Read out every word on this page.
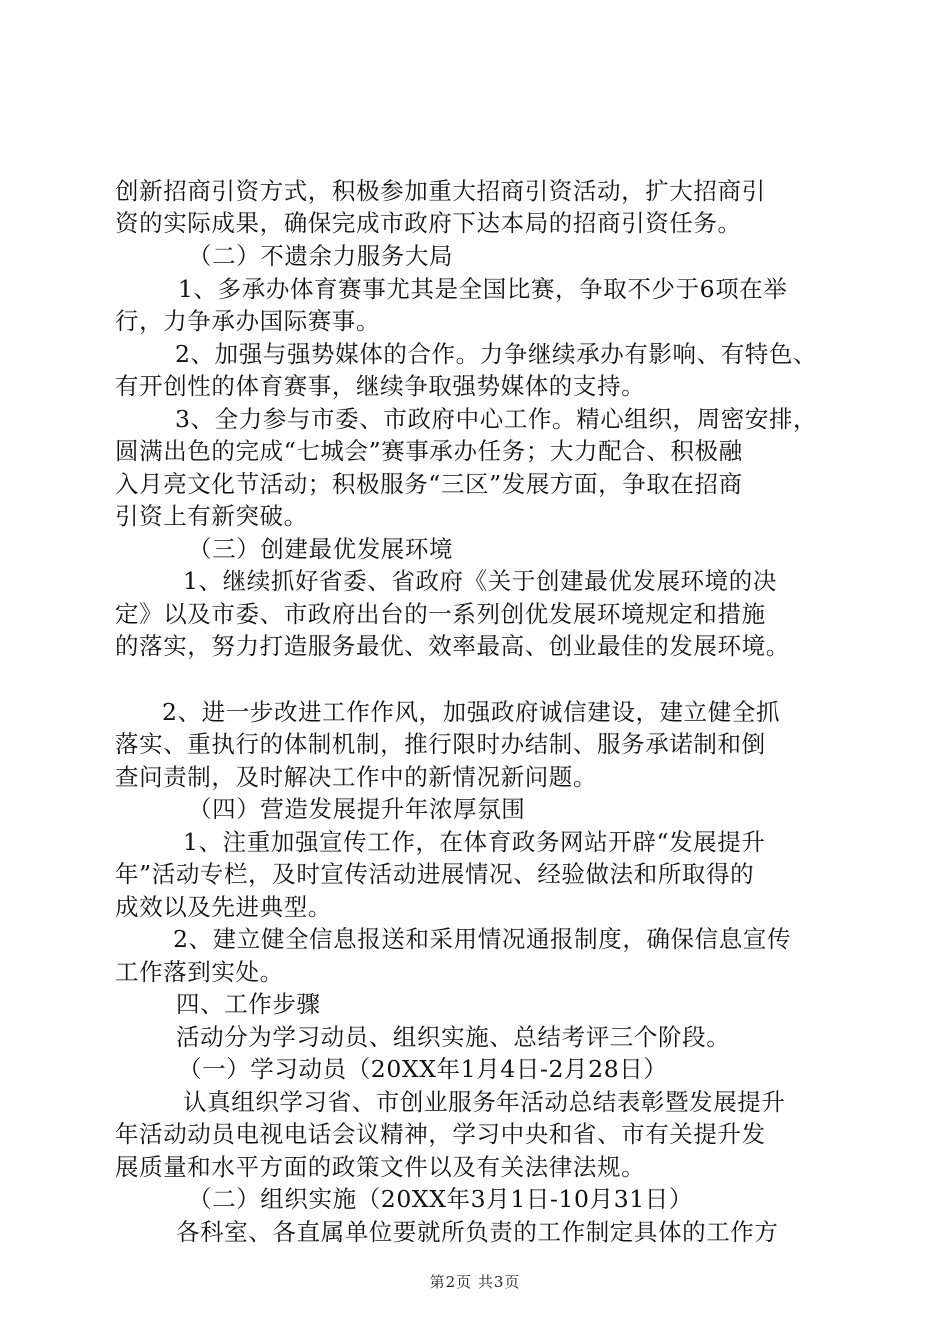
创新招商引资方式，积极参加重大招商引资活动，扩大招商引
资的实际成果，确保完成市政府下达本局的招商引资任务。
（二）不遗余力服务大局
1、多承办体育赛事尤其是全国比赛，争取不少于6项在举
行，力争承办国际赛事。
2、加强与强势媒体的合作。力争继续承办有影响、有特色、
有开创性的体育赛事，继续争取强势媒体的支持。
3、全力参与市委、市政府中心工作。精心组织，周密安排，
圆满出色的完成“七城会”赛事承办任务；大力配合、积极融
入月亮文化节活动；积极服务“三区”发展方面，争取在招商
引资上有新突破。
（三）创建最优发展环境
1、继续抓好省委、省政府《关于创建最优发展环境的决
定》以及市委、市政府出台的一系列创优发展环境规定和措施
的落实，努力打造服务最优、效率最高、创业最佳的发展环境。
2、进一步改进工作作风，加强政府诚信建设，建立健全抓
落实、重执行的体制机制，推行限时办结制、服务承诺制和倒
查问责制，及时解决工作中的新情况新问题。
（四）营造发展提升年浓厚氛围
1、注重加强宣传工作，在体育政务网站开辟“发展提升
年”活动专栏，及时宣传活动进展情况、经验做法和所取得的
成效以及先进典型。
2、建立健全信息报送和采用情况通报制度，确保信息宣传
工作落到实处。
四、工作步骤
活动分为学习动员、组织实施、总结考评三个阶段。
（一）学习动员（20XX年1月4日-2月28日）
认真组织学习省、市创业服务年活动总结表彰暨发展提升
年活动动员电视电话会议精神，学习中央和省、市有关提升发
展质量和水平方面的政策文件以及有关法律法规。
（二）组织实施（20XX年3月1日-10月31日）
各科室、各直属单位要就所负责的工作制定具体的工作方
第2页 共3页
